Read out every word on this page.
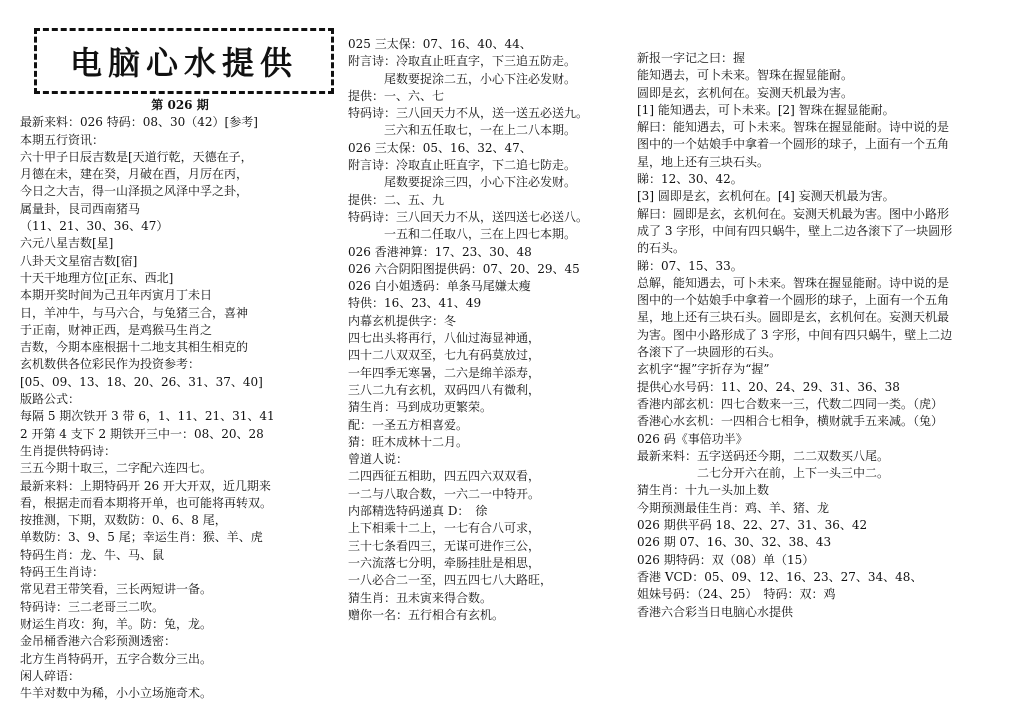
电脑心水提供
第 026 期
最新来料：026 特码：08、30（42）[参考]
本期五行资讯：
六十甲子日辰吉数是[天道行乾，天德在子，
月德在未，建在癸，月破在酉，月厉在丙，
今日之大吉，得一山泽损之风泽中孚之卦，
属量卦，艮司西南猪马
（11、21、30、36、47）
六元八星吉数[星]
八卦天文星宿吉数[宿]
十天干地理方位[正东、西北]
本期开奖时间为己丑年丙寅月丁未日
日，羊冲牛，与马六合，与兔猪三合，喜神
于正南，财神正西，是鸡猴马生肖之
吉数，今期本座根据十二地支其相生相克的
玄机数供各位彩民作为投资参考：
[05、09、13、18、20、26、31、37、40]
版路公式：
每隔 5 期次铁开 3 带 6，1、11、21、31、41
2 开第 4 支下 2 期铁开三中一：08、20、28
生肖提供特码诗：
三五今期十取三，二字配六连四七。
最新来料：上期特码开 26 开大开双，近几期来
看，根据走而看本期将开单，也可能将再转双。
按推测，下期，双数防：0、6、8 尾，
单数防：3、9、5 尾；幸运生肖：猴、羊、虎
特码生肖：龙、牛、马、鼠
特码王生肖诗：
常见君王带笑看，三长两短讲一备。
特码诗：三二老哥三二吹。
财运生肖攻：狗，羊。防：兔，龙。
金吊桶香港六合彩预测透密：
北方生肖特码开，五字合数分三出。
闲人碎语：
牛羊对数中为稀，小小立场施奇术。
025 三太保：07、16、40、44、
附言诗：冷取直止旺直字，下三追五防走。
　　　尾数要捉涂二五，小心下注必发财。
提供：一、六、七
特码诗：三八回天力不从，送一送五必送九。
　　　三六和五任取七，一在上二八本期。
026 三太保：05、16、32、47、
附言诗：冷取直止旺直字，下二追七防走。
　　　尾数要捉涂三四，小心下注必发财。
提供：二、五、九
特码诗：三八回天力不从，送四送七必送八。
　　　一五和二任取八，三在上四七本期。
026 香港神算：17、23、30、48
026 六合阴阳图提供码：07、20、29、45
026 白小姐透码：单条马尾嫌太瘦
特供：16、23、41、49
内幕玄机提供字：冬
四七出头将再行，八仙过海显神通，
四十二八双双至，七九有码莫放过，
一年四季无寒暑，二六是绵羊添寿，
三八二九有玄机，双码四八有微利，
猜生肖：马到成功更繁荣。
配：一圣五方相喜爱。
猜：旺木成林十二月。
曾道人说：
二四西征五相助，四五四六双双看，
一二与八取合数，一六二一中特开。
内部精选特码递真 D：　徐
上下相乘十二上，一七有合八可求，
三十七条看四三，无谋可进作三公，
一六流落七分明，牵肠挂肚是相思，
一八必合二一至，四五四七八大路旺，
猜生肖：丑未寅来得合数。
赠你一名：五行相合有玄机。
新报一字记之曰：握
能知遇去，可卜未来。智珠在握显能耐。
圆即是玄，玄机何在。妄测天机最为害。
[1] 能知遇去，可卜未来。[2] 智珠在握显能耐。
解曰：能知遇去，可卜未来。智珠在握显能耐。诗中说的是
图中的一个姑娘手中拿着一个圆形的球子，上面有一个五角
星，地上还有三块石头。
睇：12、30、42。
[3] 圆即是玄，玄机何在。[4] 妄测天机最为害。
解曰：圆即是玄，玄机何在。妄测天机最为害。图中小路形
成了 3 字形，中间有四只蜗牛，壁上二边各滚下了一块圆形
的石头。
睇：07、15、33。
总解，能知遇去，可卜未来。智珠在握显能耐。诗中说的是
图中的一个姑娘手中拿着一个圆形的球子，上面有一个五角
星，地上还有三块石头。圆即是玄，玄机何在。妄测天机最
为害。图中小路形成了 3 字形，中间有四只蜗牛，壁上二边
各滚下了一块圆形的石头。
玄机字“握”字折存为“握”
提供心水号码：11、20、24、29、31、36、38
香港内部玄机：四七合数来一三，代数二四同一类。（虎）
香港心水玄机：一四相合七相争，横财就手五来减。（兔）
026 码《事倍功半》
最新来料：五字送码还今期，二二双数买八尾。
　　　　　二七分开六在前，上下一头三中二。
猜生肖：十九一头加上数
今期预测最佳生肖：鸡、羊、猪、龙
026 期供平码 18、22、27、31、36、42
026 期 07、16、30、32、38、43
026 期特码：双（08）单（15）
香港 VCD：05、09、12、16、23、27、34、48、
姐妹号码：（24、25）　特码：双：鸡
香港六合彩当日电脑心水提供
